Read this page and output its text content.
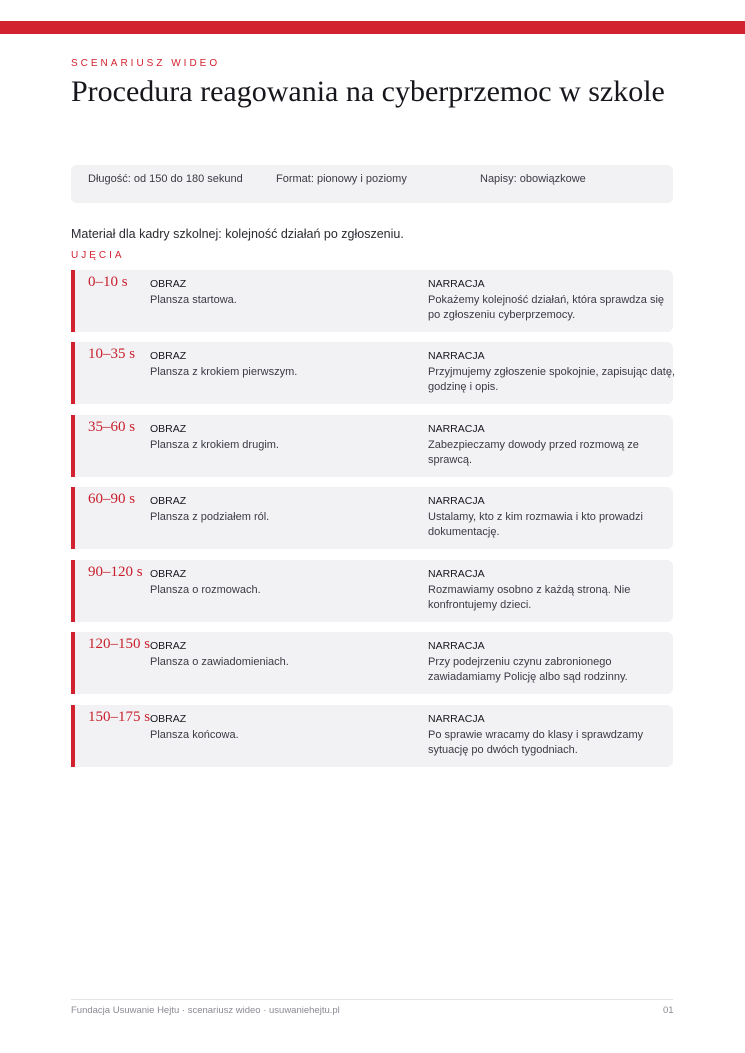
SCENARIUSZ WIDEO
Procedura reagowania na cyberprzemoc w szkole
Długość: od 150 do 180 sekund	Format: pionowy i poziomy	Napisy: obowiązkowe

Materiał dla kadry szkolnej: kolejność działań po zgłoszeniu.

UJĘCIA
0–10 s OBRAZ
Plansza startowa.
NARRACJA
Pokażemy kolejność działań, która sprawdza się po zgłoszeniu cyberprzemocy.
10–35 s OBRAZ
Plansza z krokiem pierwszym.
NARRACJA
Przyjmujemy zgłoszenie spokojnie, zapisując datę, godzinę i opis.
35–60 s OBRAZ
Plansza z krokiem drugim.
NARRACJA
Zabezpieczamy dowody przed rozmową ze sprawcą.
60–90 s OBRAZ
Plansza z podziałem ról.
NARRACJA
Ustalamy, kto z kim rozmawia i kto prowadzi dokumentację.
90–120 s OBRAZ
Plansza o rozmowach.
NARRACJA
Rozmawiamy osobno z każdą stroną. Nie konfrontujemy dzieci.
120–150 s OBRAZ
Plansza o zawiadomieniach.
NARRACJA
Przy podejrzeniu czynu zabronionego zawiadamiamy Policję albo sąd rodzinny.
150–175 s OBRAZ
Plansza końcowa.
NARRACJA
Po sprawie wracamy do klasy i sprawdzamy sytuację po dwóch tygodniach.
Fundacja Usuwanie Hejtu · scenariusz wideo · usuwaniehejtu.pl	01
